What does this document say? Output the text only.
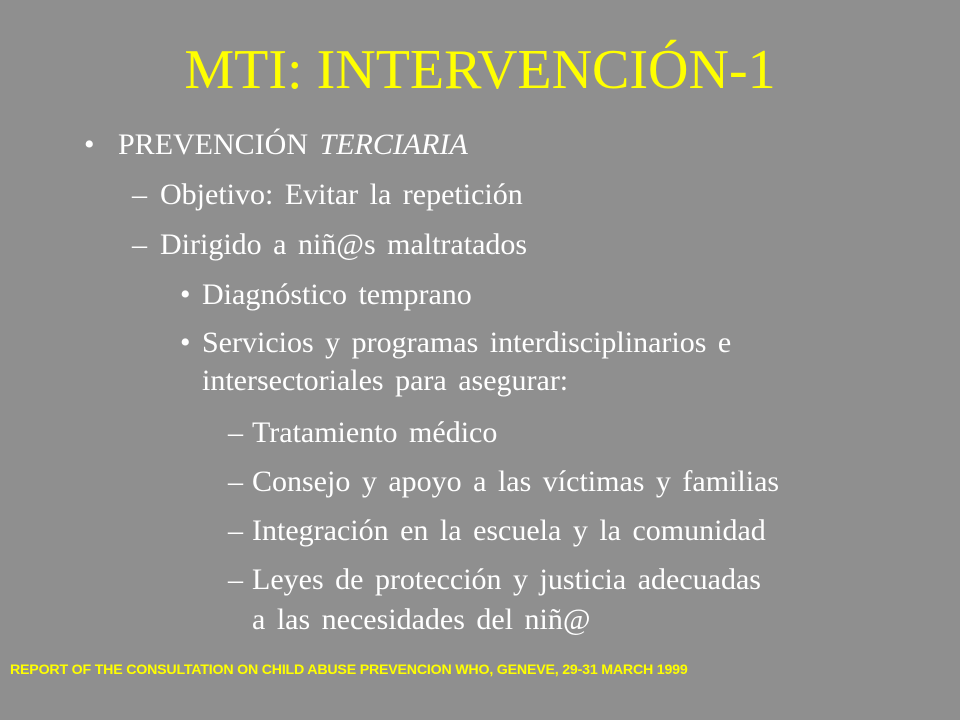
MTI: INTERVENCIÓN-1
• PREVENCIÓN TERCIARIA
– Objetivo: Evitar la repetición
– Dirigido a niñ@s maltratados
• Diagnóstico temprano
• Servicios y programas interdisciplinarios e
intersectoriales para asegurar:
– Tratamiento médico
– Consejo y apoyo a las víctimas y familias
– Integración en la escuela y la comunidad
– Leyes de protección y justicia adecuadas
a las necesidades del niñ@
REPORT OF THE CONSULTATION ON CHILD ABUSE PREVENCION WHO, GENEVE, 29-31 MARCH 1999
